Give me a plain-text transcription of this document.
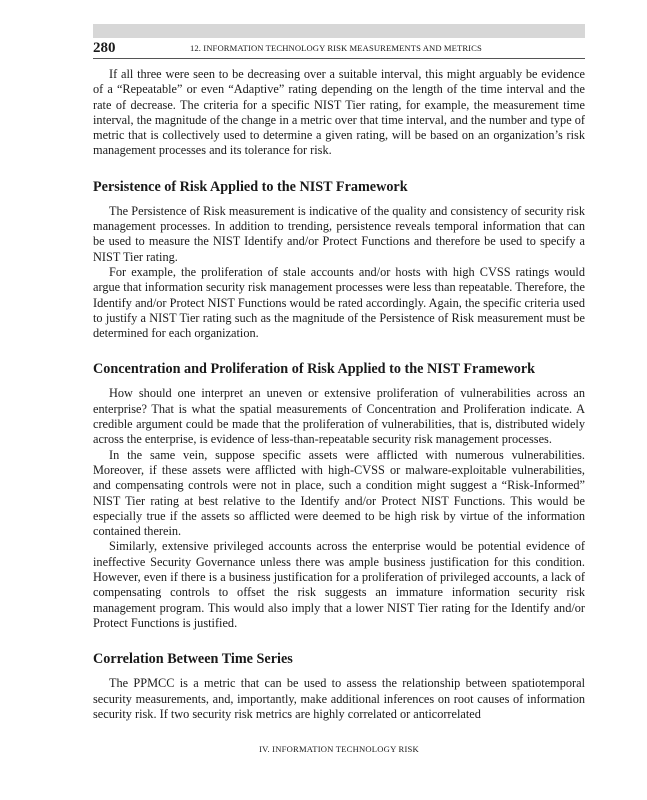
280	12. INFORMATION TECHNOLOGY RISK MEASUREMENTS AND METRICS

If all three were seen to be decreasing over a suitable interval, this might arguably be evidence of a “Repeatable” or even “Adaptive” rating depending on the length of the time interval and the rate of decrease. The criteria for a specific NIST Tier rating, for example, the measurement time interval, the magnitude of the change in a metric over that time interval, and the number and type of metric that is collectively used to determine a given rating, will be based on an organization’s risk management processes and its tolerance for risk.

Persistence of Risk Applied to the NIST Framework

The Persistence of Risk measurement is indicative of the quality and consistency of security risk management processes. In addition to trending, persistence reveals temporal information that can be used to measure the NIST Identify and/or Protect Functions and therefore be used to specify a NIST Tier rating.

For example, the proliferation of stale accounts and/or hosts with high CVSS ratings would argue that information security risk management processes were less than repeatable. Therefore, the Identify and/or Protect NIST Functions would be rated accordingly. Again, the specific criteria used to justify a NIST Tier rating such as the magnitude of the Persistence of Risk measurement must be determined for each organization.

Concentration and Proliferation of Risk Applied to the NIST Framework

How should one interpret an uneven or extensive proliferation of vulnerabilities across an enterprise? That is what the spatial measurements of Concentration and Proliferation indicate. A credible argument could be made that the proliferation of vulnerabilities, that is, distributed widely across the enterprise, is evidence of less-than-repeatable security risk management processes.

In the same vein, suppose specific assets were afflicted with numerous vulnerabilities. Moreover, if these assets were afflicted with high-CVSS or malware-exploitable vulnerabilities, and compensating controls were not in place, such a condition might suggest a “Risk-Informed” NIST Tier rating at best relative to the Identify and/or Protect NIST Functions. This would be especially true if the assets so afflicted were deemed to be high risk by virtue of the information contained therein.

Similarly, extensive privileged accounts across the enterprise would be potential evidence of ineffective Security Governance unless there was ample business justification for this condition. However, even if there is a business justification for a proliferation of privileged accounts, a lack of compensating controls to offset the risk suggests an immature information security risk management program. This would also imply that a lower NIST Tier rating for the Identify and/or Protect Functions is justified.

Correlation Between Time Series

The PPMCC is a metric that can be used to assess the relationship between spatiotemporal security measurements, and, importantly, make additional inferences on root causes of information security risk. If two security risk metrics are highly correlated or anticorrelated

IV. INFORMATION TECHNOLOGY RISK
